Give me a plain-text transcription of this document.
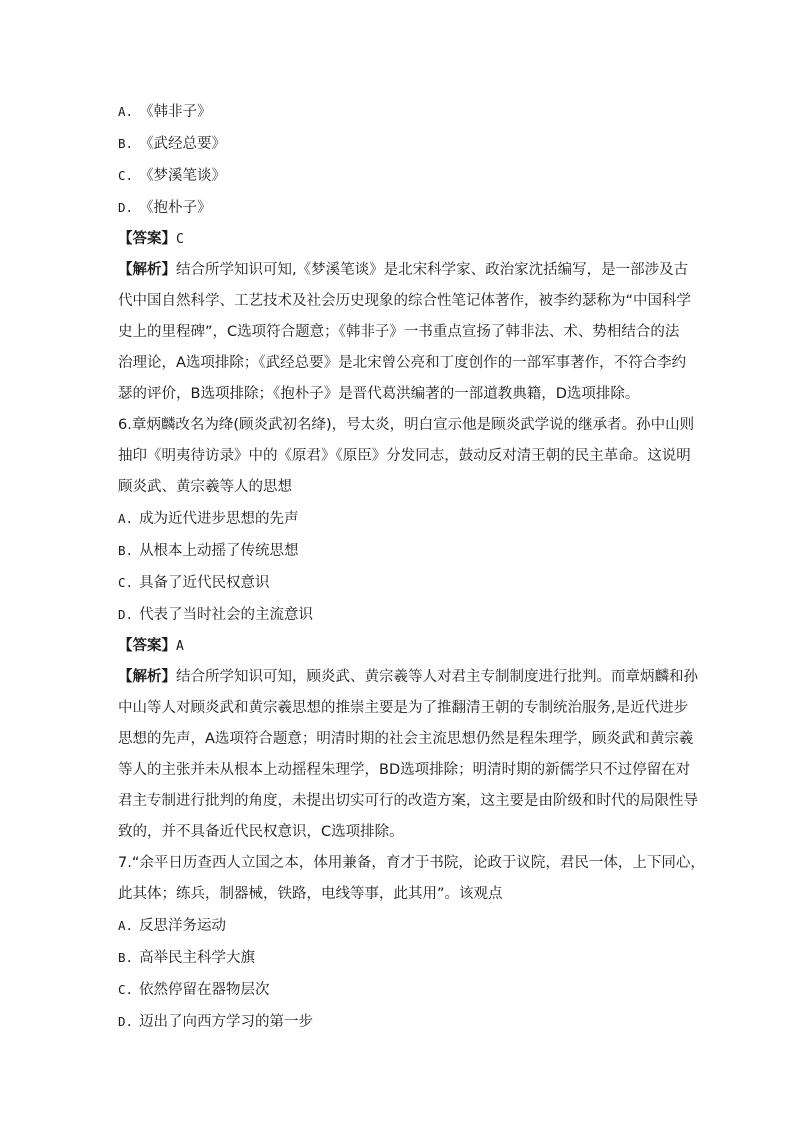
A. 《韩非子》
B. 《武经总要》
C. 《梦溪笔谈》
D. 《抱朴子》
【答案】C
【解析】结合所学知识可知,《梦溪笔谈》是北宋科学家、政治家沈括编写，是一部涉及古
代中国自然科学、工艺技术及社会历史现象的综合性笔记体著作，被李约瑟称为“中国科学
史上的里程碑”，C选项符合题意；《韩非子》一书重点宣扬了韩非法、术、势相结合的法
治理论，A选项排除；《武经总要》是北宋曾公亮和丁度创作的一部军事著作，不符合李约
瑟的评价，B选项排除；《抱朴子》是晋代葛洪编著的一部道教典籍，D选项排除。
6.章炳麟改名为绛(顾炎武初名绛)，号太炎，明白宣示他是顾炎武学说的继承者。孙中山则
抽印《明夷待访录》中的《原君》《原臣》分发同志，鼓动反对清王朝的民主革命。这说明
顾炎武、黄宗羲等人的思想
A. 成为近代进步思想的先声
B. 从根本上动摇了传统思想
C. 具备了近代民权意识
D. 代表了当时社会的主流意识
【答案】A
【解析】结合所学知识可知，顾炎武、黄宗羲等人对君主专制制度进行批判。而章炳麟和孙
中山等人对顾炎武和黄宗羲思想的推崇主要是为了推翻清王朝的专制统治服务,是近代进步
思想的先声，A选项符合题意；明清时期的社会主流思想仍然是程朱理学，顾炎武和黄宗羲
等人的主张并未从根本上动摇程朱理学，BD选项排除；明清时期的新儒学只不过停留在对
君主专制进行批判的角度，未提出切实可行的改造方案，这主要是由阶级和时代的局限性导
致的，并不具备近代民权意识，C选项排除。
7.“余平日历查西人立国之本，体用兼备，育才于书院，论政于议院，君民一体，上下同心，
此其体；练兵，制器械，铁路，电线等事，此其用”。该观点
A. 反思洋务运动
B. 高举民主科学大旗
C. 依然停留在器物层次
D. 迈出了向西方学习的第一步
